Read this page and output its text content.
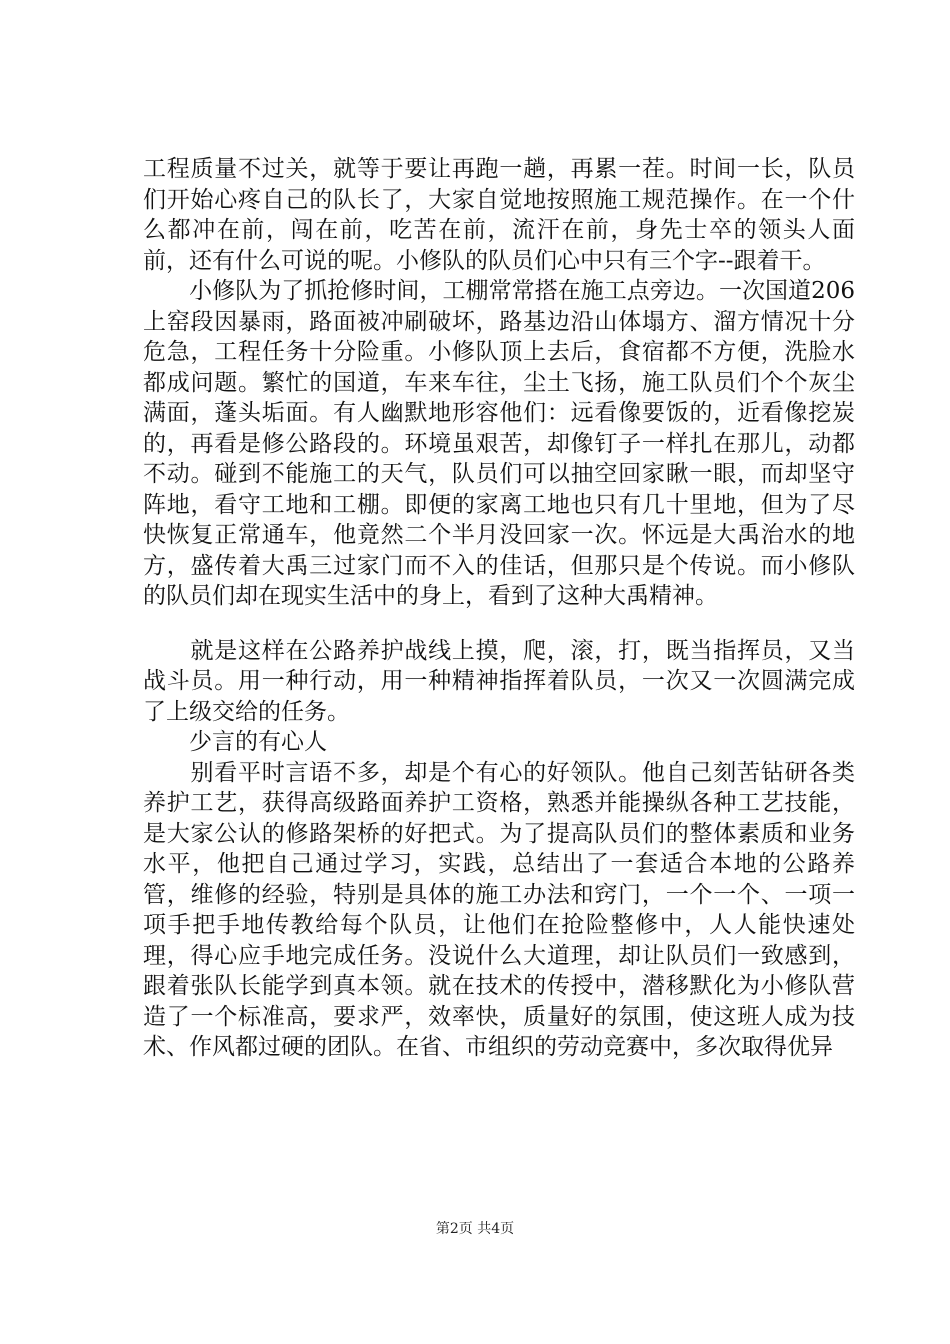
工程质量不过关，就等于要让再跑一趟，再累一茬。时间一长，队员们开始心疼自己的队长了，大家自觉地按照施工规范操作。在一个什么都冲在前，闯在前，吃苦在前，流汗在前，身先士卒的领头人面前，还有什么可说的呢。小修队的队员们心中只有三个字--跟着干。

　　小修队为了抓抢修时间，工棚常常搭在施工点旁边。一次国道206上窑段因暴雨，路面被冲刷破坏，路基边沿山体塌方、溜方情况十分危急，工程任务十分险重。小修队顶上去后，食宿都不方便，洗脸水都成问题。繁忙的国道，车来车往，尘土飞扬，施工队员们个个灰尘满面，蓬头垢面。有人幽默地形容他们：远看像要饭的，近看像挖炭的，再看是修公路段的。环境虽艰苦，却像钉子一样扎在那儿，动都不动。碰到不能施工的天气，队员们可以抽空回家瞅一眼，而却坚守阵地，看守工地和工棚。即便的家离工地也只有几十里地，但为了尽快恢复正常通车，他竟然二个半月没回家一次。怀远是大禹治水的地方，盛传着大禹三过家门而不入的佳话，但那只是个传说。而小修队的队员们却在现实生活中的身上，看到了这种大禹精神。

　　就是这样在公路养护战线上摸，爬，滚，打，既当指挥员，又当战斗员。用一种行动，用一种精神指挥着队员，一次又一次圆满完成了上级交给的任务。

　　少言的有心人

　　别看平时言语不多，却是个有心的好领队。他自己刻苦钻研各类养护工艺，获得高级路面养护工资格，熟悉并能操纵各种工艺技能，是大家公认的修路架桥的好把式。为了提高队员们的整体素质和业务水平，他把自己通过学习，实践，总结出了一套适合本地的公路养管，维修的经验，特别是具体的施工办法和窍门，一个一个、一项一项手把手地传教给每个队员，让他们在抢险整修中，人人能快速处理，得心应手地完成任务。没说什么大道理，却让队员们一致感到，跟着张队长能学到真本领。就在技术的传授中，潜移默化为小修队营造了一个标准高，要求严，效率快，质量好的氛围，使这班人成为技术、作风都过硬的团队。在省、市组织的劳动竞赛中，多次取得优异

第2页 共4页
